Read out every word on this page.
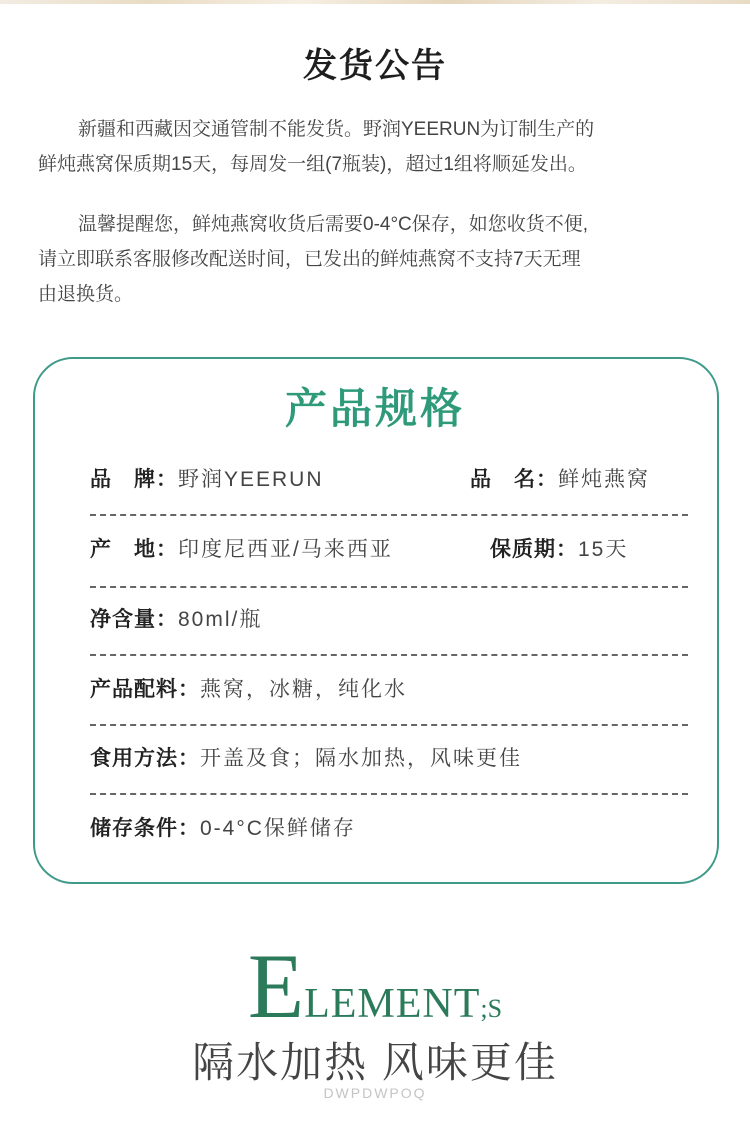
发货公告

新疆和西藏因交通管制不能发货。野润YEERUN为订制生产的

鲜炖燕窝保质期15天，每周发一组(7瓶装)，超过1组将顺延发出。

温馨提醒您，鲜炖燕窝收货后需要0-4°C保存，如您收货不便,

请立即联系客服修改配送时间，已发出的鲜炖燕窝不支持7天无理

由退换货。

产品规格
品　牌：野润YEERUN	品　名：鲜炖燕窝
产　地：印度尼西亚/马来西亚	保质期：15天
净含量：80ml/瓶
产品配料：燕窝，冰糖，纯化水
食用方法：开盖及食；隔水加热，风味更佳
储存条件：0-4°C保鲜储存
ELEMENT;S
隔水加热 风味更佳
DWPDWPOQ
